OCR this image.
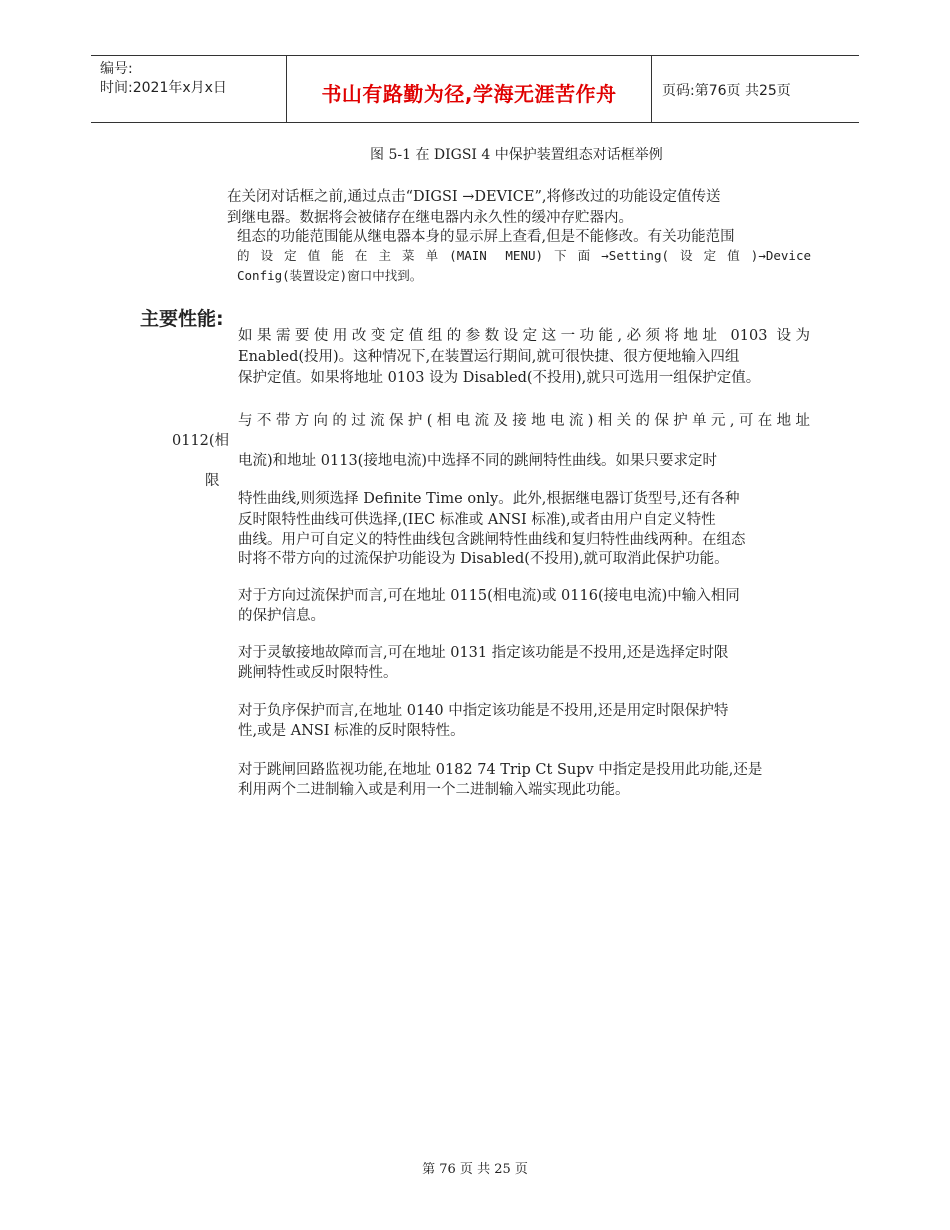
编号:
时间:2021年x月x日	书山有路勤为径,学海无涯苦作舟	页码:第76页 共25页
图 5-1 在 DIGSI 4 中保护装置组态对话框举例
在关闭对话框之前,通过点击“DIGSI →DEVICE”,将修改过的功能设定值传送
到继电器。数据将会被储存在继电器内永久性的缓冲存贮器内。
组态的功能范围能从继电器本身的显示屏上查看,但是不能修改。有关功能范围
的设定值能在主菜单(MAIN MENU)下面→Setting(设定值)→Device
Config(装置设定)窗口中找到。
主要性能:
如果需要使用改变定值组的参数设定这一功能,必须将地址 0103 设为
Enabled(投用)。这种情况下,在装置运行期间,就可很快捷、很方便地输入四组
保护定值。如果将地址 0103 设为 Disabled(不投用),就只可选用一组保护定值。
与不带方向的过流保护(相电流及接地电流)相关的保护单元,可在地址
0112(相
电流)和地址 0113(接地电流)中选择不同的跳闸特性曲线。如果只要求定时
限
特性曲线,则须选择 Definite Time only。此外,根据继电器订货型号,还有各种
反时限特性曲线可供选择,(IEC 标准或 ANSI 标准),或者由用户自定义特性
曲线。用户可自定义的特性曲线包含跳闸特性曲线和复归特性曲线两种。在组态
时将不带方向的过流保护功能设为 Disabled(不投用),就可取消此保护功能。
对于方向过流保护而言,可在地址 0115(相电流)或 0116(接电电流)中输入相同
的保护信息。
对于灵敏接地故障而言,可在地址 0131 指定该功能是不投用,还是选择定时限
跳闸特性或反时限特性。
对于负序保护而言,在地址 0140 中指定该功能是不投用,还是用定时限保护特
性,或是 ANSI 标准的反时限特性。
对于跳闸回路监视功能,在地址 0182 74 Trip Ct Supv 中指定是投用此功能,还是
利用两个二进制输入或是利用一个二进制输入端实现此功能。
第 76 页 共 25 页
